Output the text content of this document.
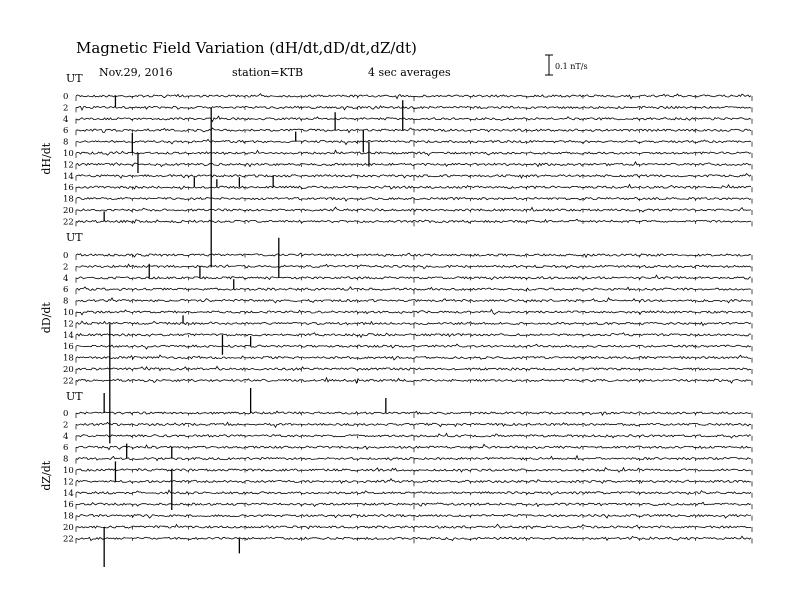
Magnetic Field Variation (dH/dt,dD/dt,dZ/dt)
Nov.29, 2016	station=KTB	4 sec averages	0.1 nT/s
UT
dH/dt
0
2
4
6
8
10
12
14
16
18
20
22
UT
dD/dt
0
2
4
6
8
10
12
14
16
18
20
22
UT
dZ/dt
0
2
4
6
8
10
12
14
16
18
20
22
